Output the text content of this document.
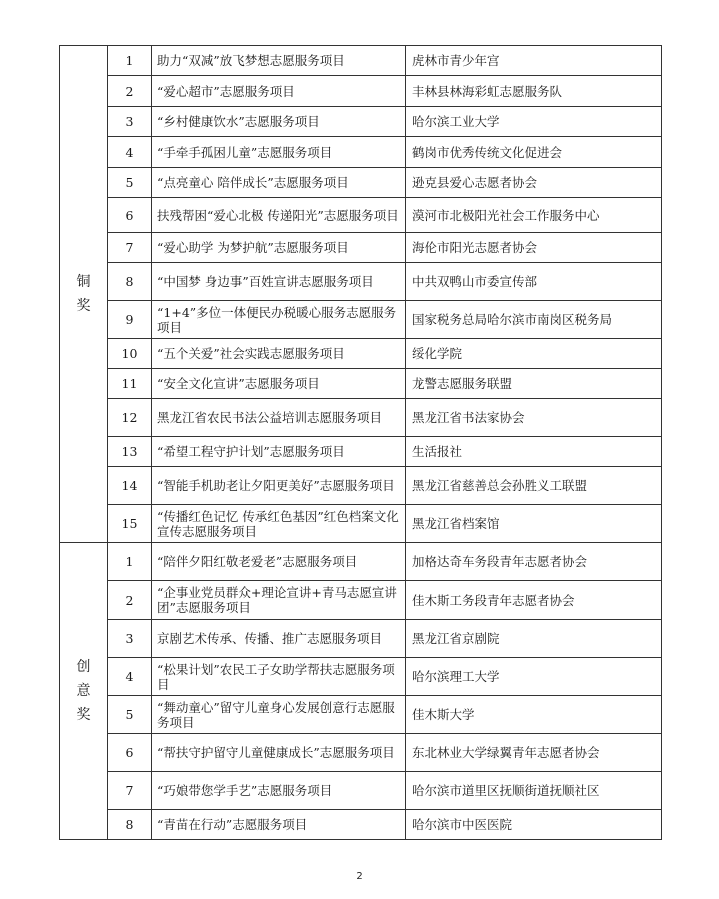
铜奖	1	助力“双减”放飞梦想志愿服务项目	虎林市青少年宫
	2	“爱心超市”志愿服务项目	丰林县林海彩虹志愿服务队
	3	“乡村健康饮水”志愿服务项目	哈尔滨工业大学
	4	“手牵手孤困儿童”志愿服务项目	鹤岗市优秀传统文化促进会
	5	“点亮童心 陪伴成长”志愿服务项目	逊克县爱心志愿者协会
	6	扶残帮困“爱心北极 传递阳光”志愿服务项目	漠河市北极阳光社会工作服务中心
	7	“爱心助学 为梦护航”志愿服务项目	海伦市阳光志愿者协会
	8	“中国梦 身边事”百姓宣讲志愿服务项目	中共双鸭山市委宣传部
	9	“1+4”多位一体便民办税暖心服务志愿服务项目	国家税务总局哈尔滨市南岗区税务局
	10	“五个关爱”社会实践志愿服务项目	绥化学院
	11	“安全文化宣讲”志愿服务项目	龙警志愿服务联盟
	12	黑龙江省农民书法公益培训志愿服务项目	黑龙江省书法家协会
	13	“希望工程守护计划”志愿服务项目	生活报社
	14	“智能手机助老让夕阳更美好”志愿服务项目	黑龙江省慈善总会孙胜义工联盟
	15	“传播红色记忆 传承红色基因”红色档案文化宣传志愿服务项目	黑龙江省档案馆
创意奖	1	“陪伴夕阳红敬老爱老”志愿服务项目	加格达奇车务段青年志愿者协会
	2	“企事业党员群众+理论宣讲+青马志愿宣讲团”志愿服务项目	佳木斯工务段青年志愿者协会
	3	京剧艺术传承、传播、推广志愿服务项目	黑龙江省京剧院
	4	“松果计划”农民工子女助学帮扶志愿服务项目	哈尔滨理工大学
	5	“舞动童心”留守儿童身心发展创意行志愿服务项目	佳木斯大学
	6	“帮扶守护留守儿童健康成长”志愿服务项目	东北林业大学绿翼青年志愿者协会
	7	“巧娘带您学手艺”志愿服务项目	哈尔滨市道里区抚顺街道抚顺社区
	8	“青苗在行动”志愿服务项目	哈尔滨市中医医院
2
